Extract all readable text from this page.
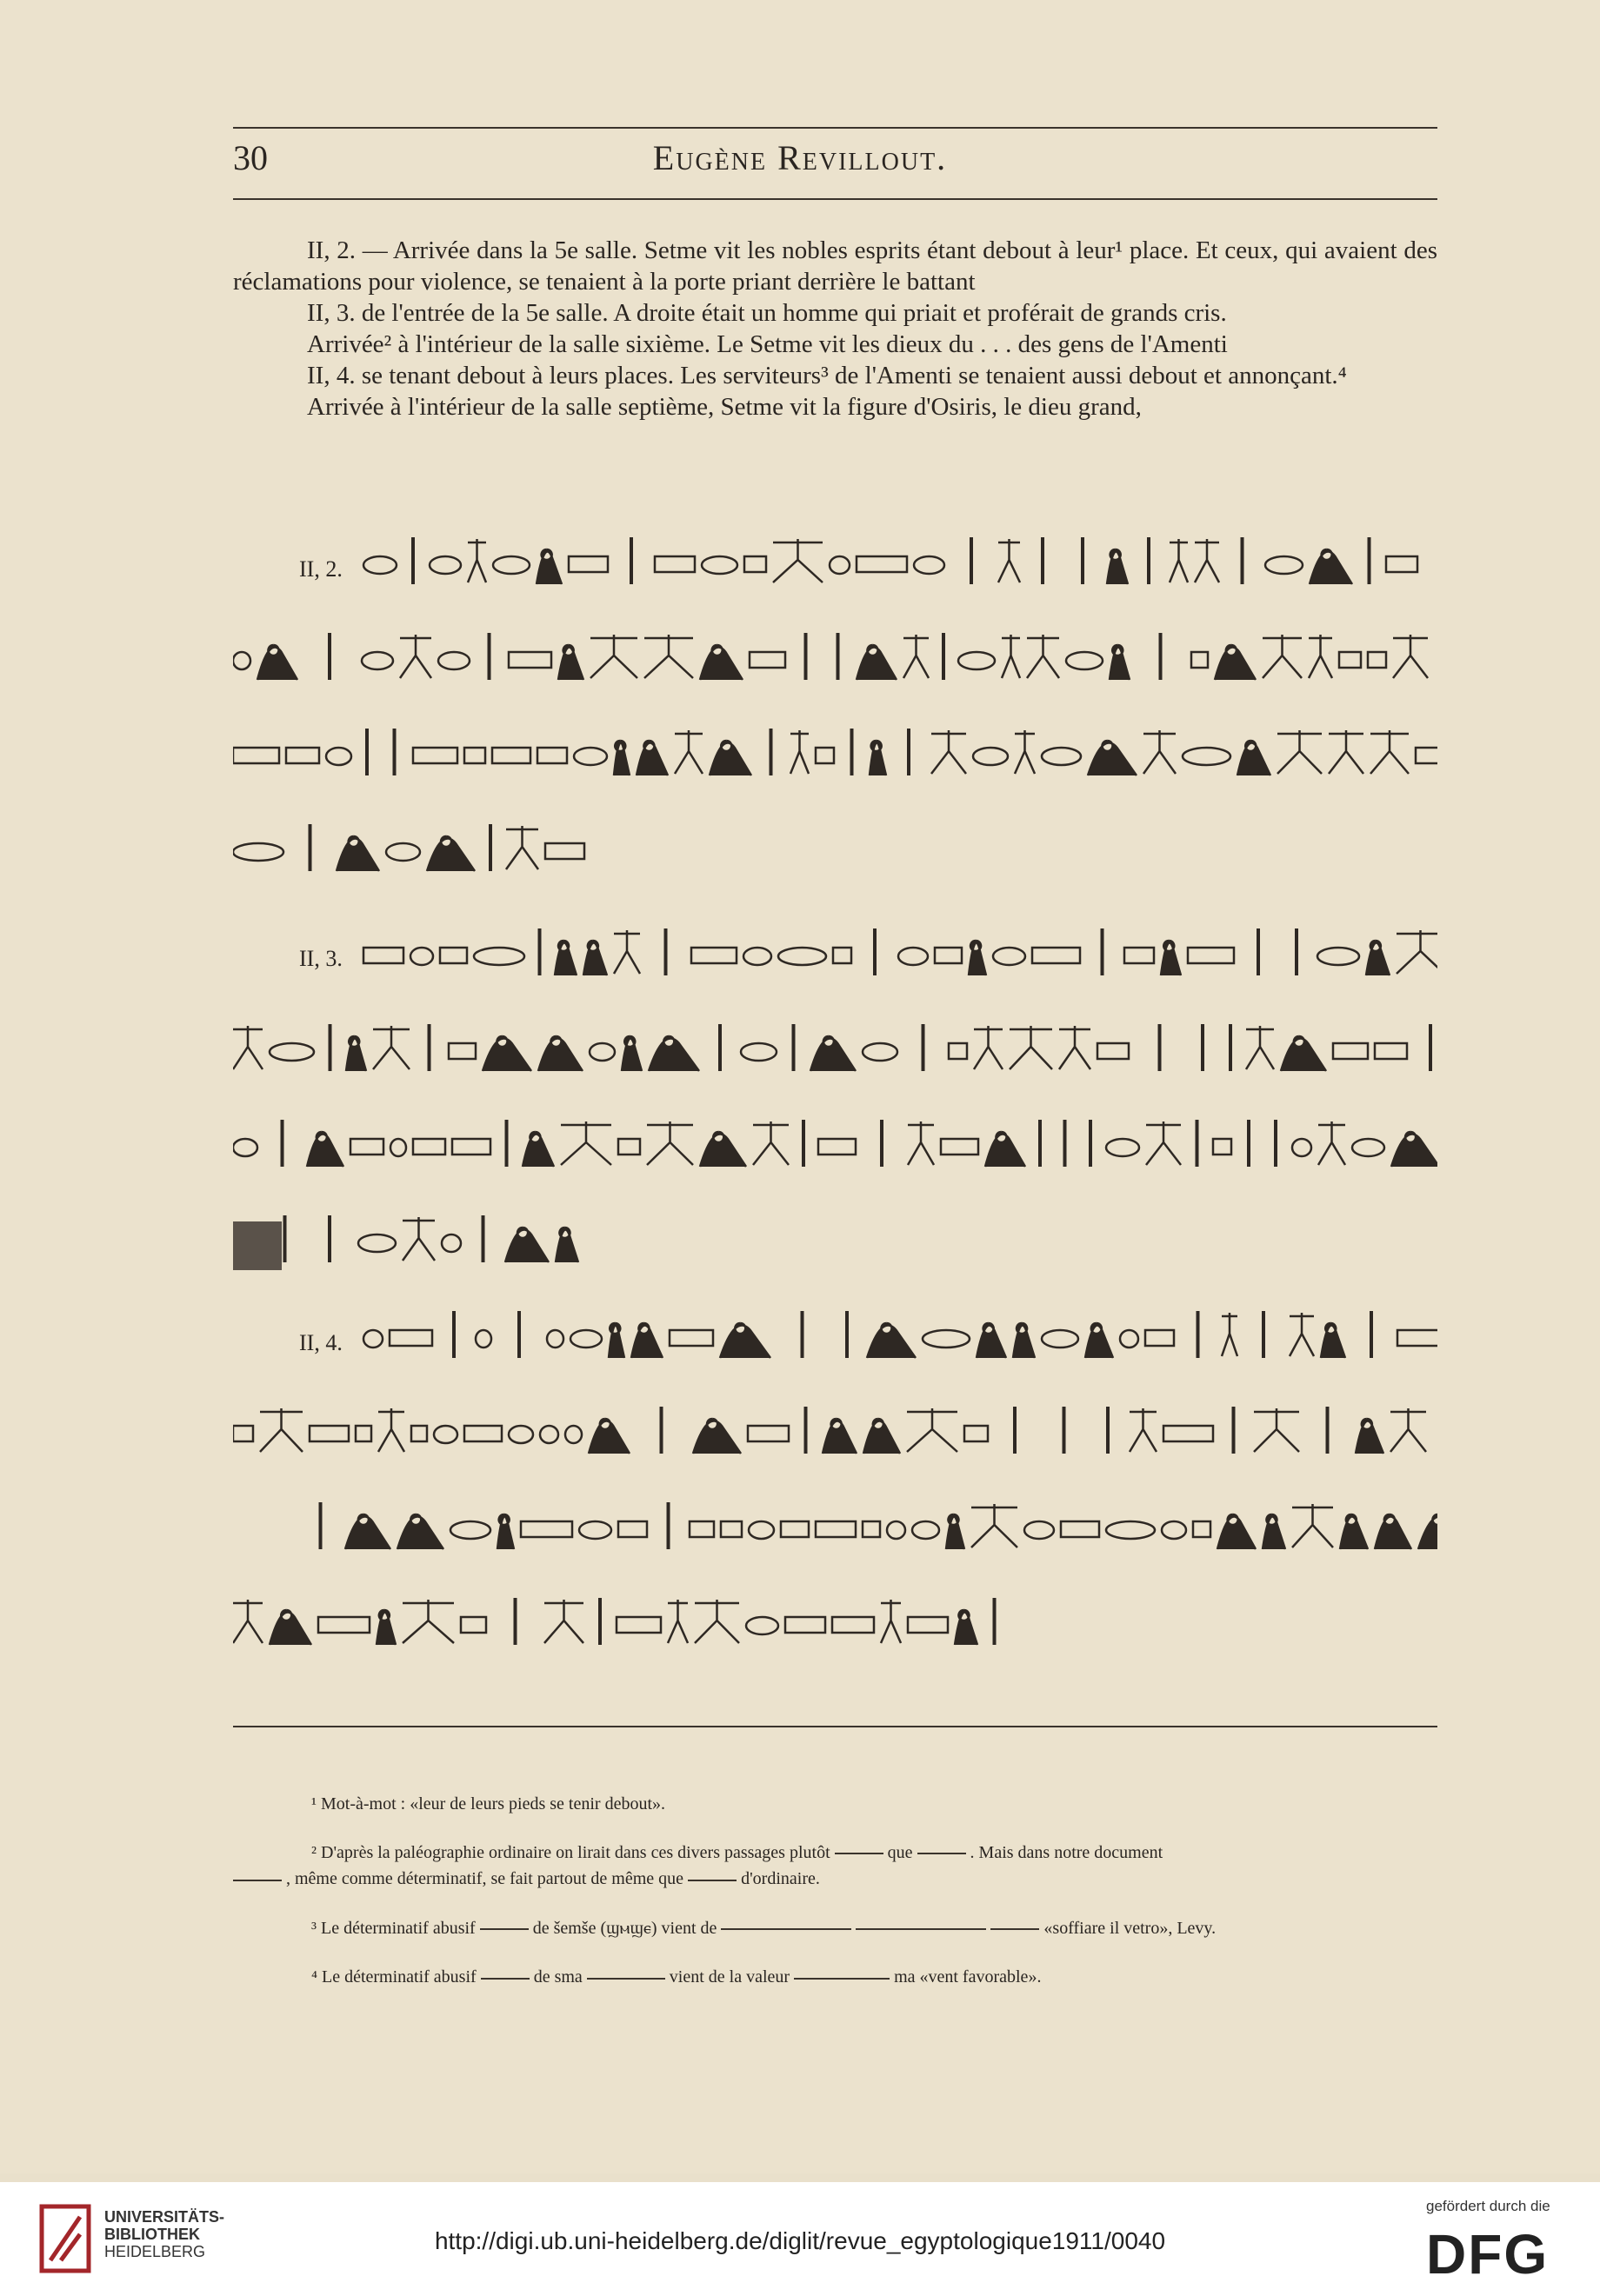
30	Eugène Revillout.

II, 2. — Arrivée dans la 5e salle. Setme vit les nobles esprits étant debout à leur¹ place. Et ceux, qui avaient des réclamations pour violence, se tenaient à la porte priant derrière le battant

II, 3. de l'entrée de la 5e salle. A droite était un homme qui priait et proférait de grands cris.

Arrivée² à l'intérieur de la salle sixième. Le Setme vit les dieux du . . . des gens de l'Amenti

II, 4. se tenant debout à leurs places. Les serviteurs³ de l'Amenti se tenaient aussi debout et annonçant.⁴

Arrivée à l'intérieur de la salle septième, Setme vit la figure d'Osiris, le dieu grand,

II, 2.
II, 3.
II, 4.
¹ Mot-à-mot : «leur de leurs pieds se tenir debout».
² D'après la paléographie ordinaire on lirait dans ces divers passages plutôt	que	. Mais dans notre document
, même comme déterminatif, se fait partout de même que	d'ordinaire.
³ Le déterminatif abusif	de šemše (ϣⲙϣⲉ) vient de	«soffiare il vetro», Levy.
⁴ Le déterminatif abusif	de sma	vient de la valeur	ma «vent favorable».
UNIVERSITÄTS-
BIBLIOTHEK
HEIDELBERG	http://digi.ub.uni-heidelberg.de/diglit/revue_egyptologique1911/0040
gefördert durch die
DFG
